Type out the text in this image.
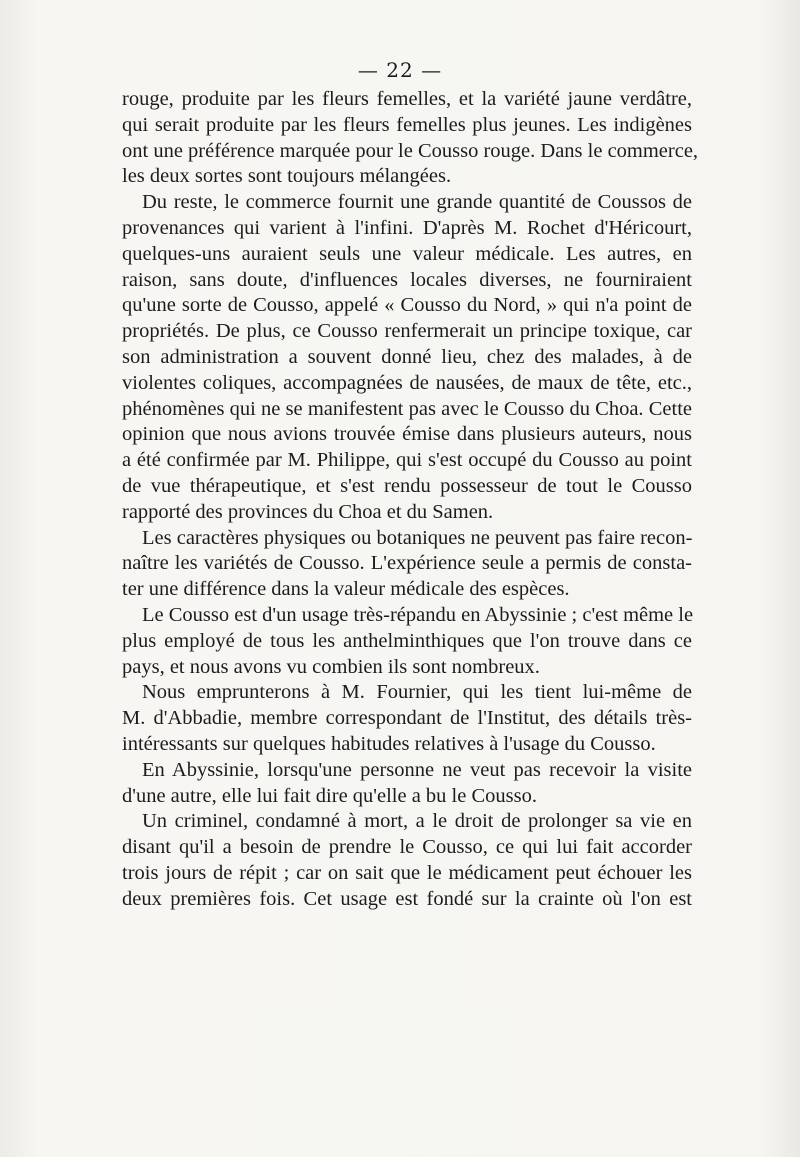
— 22 —
rouge, produite par les fleurs femelles, et la variété jaune verdâtre,
qui serait produite par les fleurs femelles plus jeunes. Les indigènes
ont une préférence marquée pour le Cousso rouge. Dans le commerce,
les deux sortes sont toujours mélangées.
Du reste, le commerce fournit une grande quantité de Coussos de
provenances qui varient à l'infini. D'après M. Rochet d'Héricourt,
quelques-uns auraient seuls une valeur médicale. Les autres, en
raison, sans doute, d'influences locales diverses, ne fourniraient
qu'une sorte de Cousso, appelé « Cousso du Nord, » qui n'a point de
propriétés. De plus, ce Cousso renfermerait un principe toxique, car
son administration a souvent donné lieu, chez des malades, à de
violentes coliques, accompagnées de nausées, de maux de tête, etc.,
phénomènes qui ne se manifestent pas avec le Cousso du Choa. Cette
opinion que nous avions trouvée émise dans plusieurs auteurs, nous
a été confirmée par M. Philippe, qui s'est occupé du Cousso au point
de vue thérapeutique, et s'est rendu possesseur de tout le Cousso
rapporté des provinces du Choa et du Samen.
Les caractères physiques ou botaniques ne peuvent pas faire recon-
naître les variétés de Cousso. L'expérience seule a permis de consta-
ter une différence dans la valeur médicale des espèces.
Le Cousso est d'un usage très-répandu en Abyssinie ; c'est même le
plus employé de tous les anthelminthiques que l'on trouve dans ce
pays, et nous avons vu combien ils sont nombreux.
Nous emprunterons à M. Fournier, qui les tient lui-même de
M. d'Abbadie, membre correspondant de l'Institut, des détails très-
intéressants sur quelques habitudes relatives à l'usage du Cousso.
En Abyssinie, lorsqu'une personne ne veut pas recevoir la visite
d'une autre, elle lui fait dire qu'elle a bu le Cousso.
Un criminel, condamné à mort, a le droit de prolonger sa vie en
disant qu'il a besoin de prendre le Cousso, ce qui lui fait accorder
trois jours de répit ; car on sait que le médicament peut échouer les
deux premières fois. Cet usage est fondé sur la crainte où l'on est
